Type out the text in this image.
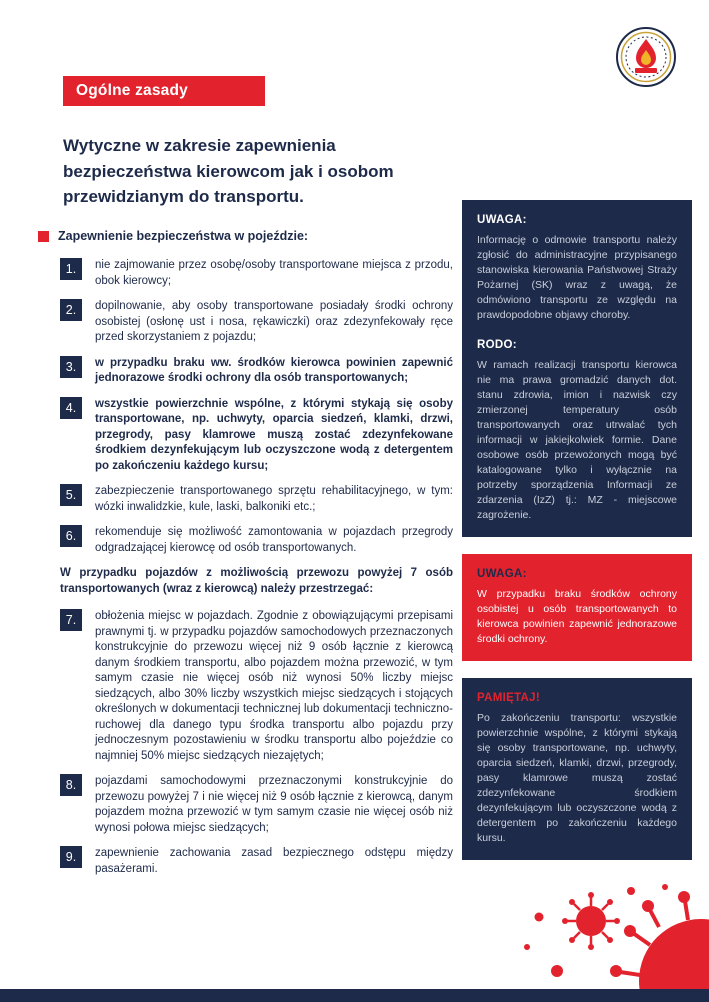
Ogólne zasady
Wytyczne w zakresie zapewnienia bezpieczeństwa kierowcom jak i osobom przewidzianym do transportu.
Zapewnienie bezpieczeństwa w pojeździe:
1.	nie zajmowanie przez osobę/osoby transportowane miejsca z przodu, obok kierowcy;

2.	dopilnowanie, aby osoby transportowane posiadały środki ochrony osobistej (osłonę ust i nosa, rękawiczki) oraz zdezynfekowały ręce przed skorzystaniem z pojazdu;

3.	w przypadku braku ww. środków kierowca powinien zapewnić jednorazowe środki ochrony dla osób transportowanych;

4.	wszystkie powierzchnie wspólne, z którymi stykają się osoby transportowane, np. uchwyty, oparcia siedzeń, klamki, drzwi, przegrody, pasy klamrowe muszą zostać zdezynfekowane środkiem dezynfekującym lub oczyszczone wodą z detergentem po zakończeniu każdego kursu;

5.	zabezpieczenie transportowanego sprzętu rehabilitacyjnego, w tym: wózki inwalidzkie, kule, laski, balkoniki etc.;

6.	rekomenduje się możliwość zamontowania w pojazdach przegrody odgradzającej kierowcę od osób transportowanych.

W przypadku pojazdów z możliwością przewozu powyżej 7 osób transportowanych (wraz z kierowcą) należy przestrzegać:

7.	obłożenia miejsc w pojazdach. Zgodnie z obowiązującymi przepisami prawnymi tj. w przypadku pojazdów samochodowych przeznaczonych konstrukcyjnie do przewozu więcej niż 9 osób łącznie z kierowcą danym środkiem transportu, albo pojazdem można przewozić, w tym samym czasie nie więcej osób niż wynosi 50% liczby miejsc siedzących, albo 30% liczby wszystkich miejsc siedzących i stojących określonych w dokumentacji technicznej lub dokumentacji techniczno-ruchowej dla danego typu środka transportu albo pojazdu przy jednoczesnym pozostawieniu w środku transportu albo pojeździe co najmniej 50% miejsc siedzących niezajętych;

8.	pojazdami samochodowymi przeznaczonymi konstrukcyjnie do przewozu powyżej 7 i nie więcej niż 9 osób łącznie z kierowcą, danym pojazdem można przewozić w tym samym czasie nie więcej osób niż wynosi połowa miejsc siedzących;

9.	zapewnienie zachowania zasad bezpiecznego odstępu między pasażerami.

UWAGA:

Informację o odmowie transportu należy zgłosić do administracyjne przypisanego stanowiska kierowania Państwowej Straży Pożarnej (SK) wraz z uwagą, że odmówiono transportu ze względu na prawdopodobne objawy choroby.

RODO:

W ramach realizacji transportu kierowca nie ma prawa gromadzić danych dot. stanu zdrowia, imion i nazwisk czy zmierzonej temperatury osób transportowanych oraz utrwalać tych informacji w jakiejkolwiek formie. Dane osobowe osób przewożonych mogą być katalogowane tylko i wyłącznie na potrzeby sporządzenia Informacji ze zdarzenia (IzZ) tj.: MZ - miejscowe zagrożenie.

UWAGA:

W przypadku braku środków ochrony osobistej u osób transportowanych to kierowca powinien zapewnić jednorazowe środki ochrony.

PAMIĘTAJ!

Po zakończeniu transportu: wszystkie powierzchnie wspólne, z którymi stykają się osoby transportowane, np. uchwyty, oparcia siedzeń, klamki, drzwi, przegrody, pasy klamrowe muszą zostać zdezynfekowane środkiem dezynfekującym lub oczyszczone wodą z detergentem po zakończeniu każdego kursu.
